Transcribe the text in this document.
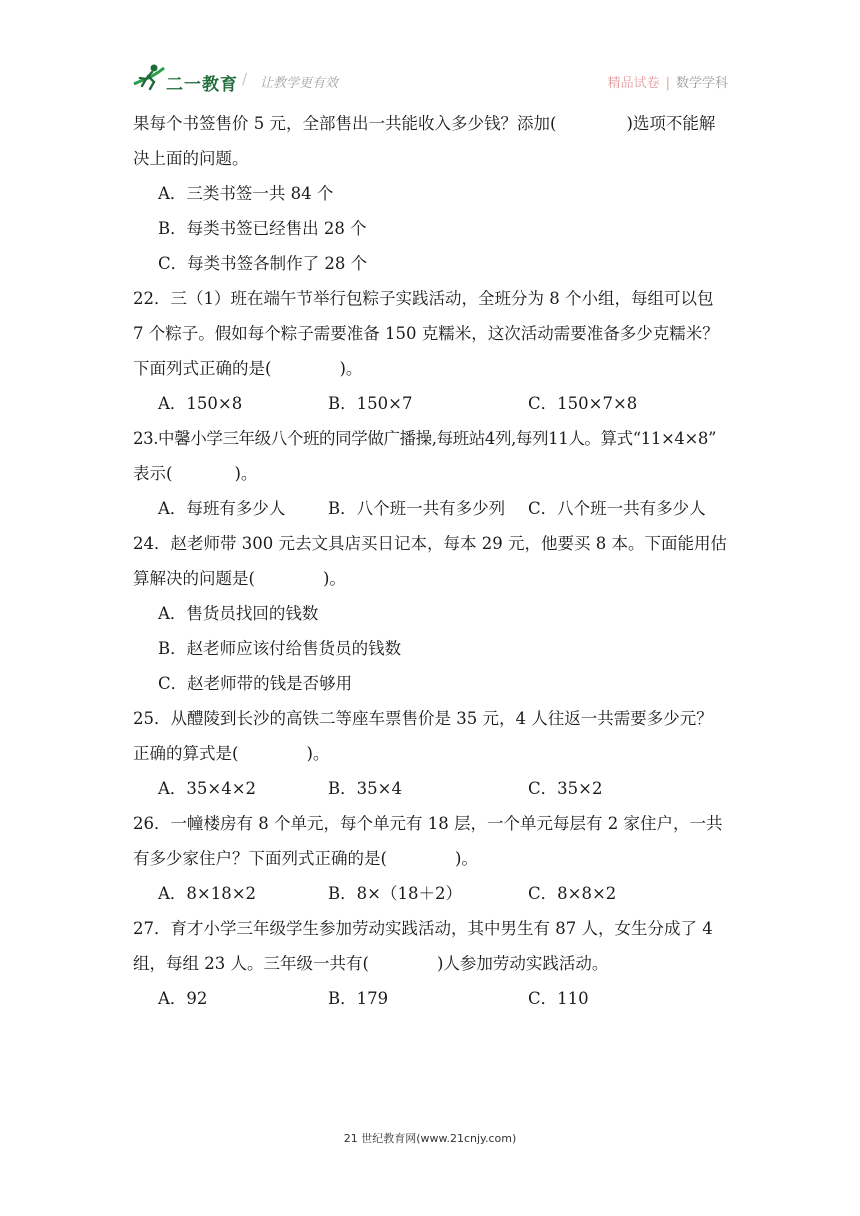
二一教育 / 让教学更有效	精品试卷 | 数学学科
果每个书签售价 5 元，全部售出一共能收入多少钱？添加(	)选项不能解
决上面的问题。
A．三类书签一共 84 个
B．每类书签已经售出 28 个
C．每类书签各制作了 28 个
22．三（1）班在端午节举行包粽子实践活动，全班分为 8 个小组，每组可以包
7 个粽子。假如每个粽子需要准备 150 克糯米，这次活动需要准备多少克糯米？
下面列式正确的是(	)。
A．150×8	B．150×7	C．150×7×8
23.中馨小学三年级八个班的同学做广播操,每班站4列,每列11人。算式“11×4×8”
表示(	)。
A．每班有多少人	B．八个班一共有多少列	C．八个班一共有多少人
24．赵老师带 300 元去文具店买日记本，每本 29 元，他要买 8 本。下面能用估
算解决的问题是(	)。
A．售货员找回的钱数
B．赵老师应该付给售货员的钱数
C．赵老师带的钱是否够用
25．从醴陵到长沙的高铁二等座车票售价是 35 元，4 人往返一共需要多少元？
正确的算式是(	)。
A．35×4×2	B．35×4	C．35×2
26．一幢楼房有 8 个单元，每个单元有 18 层，一个单元每层有 2 家住户，一共
有多少家住户？下面列式正确的是(	)。
A．8×18×2	B．8×（18＋2）	C．8×8×2
27．育才小学三年级学生参加劳动实践活动，其中男生有 87 人，女生分成了 4
组，每组 23 人。三年级一共有(	)人参加劳动实践活动。
A．92	B．179	C．110
21 世纪教育网(www.21cnjy.com)
